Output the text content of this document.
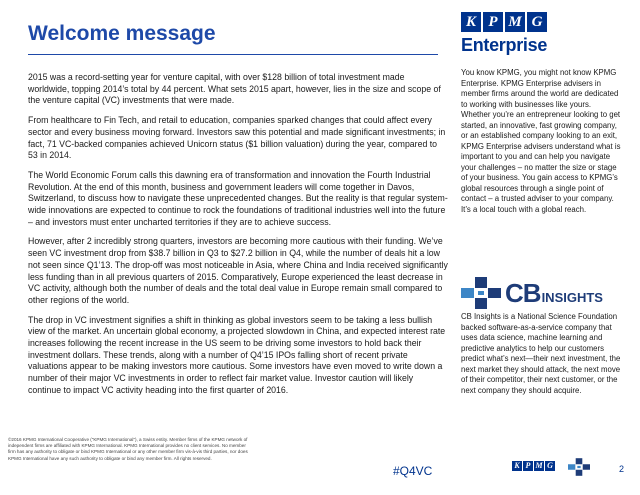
Welcome message

2015 was a record-setting year for venture capital, with over $128 billion of total investment made worldwide, topping 2014’s total by 44 percent. What sets 2015 apart, however, lies in the size and scope of the venture capital (VC) investments that were made.

From healthcare to Fin Tech, and retail to education, companies sparked changes that could affect every sector and every business moving forward. Investors saw this potential and made significant investments; in fact, 71 VC-backed companies achieved Unicorn status ($1 billion valuation) during the year, compared to 53 in 2014.

The World Economic Forum calls this dawning era of transformation and innovation the Fourth Industrial Revolution. At the end of this month, business and government leaders will come together in Davos, Switzerland, to discuss how to navigate these unprecedented changes. But the reality is that regular system-wide innovations are expected to continue to rock the foundations of traditional industries well into the future – and investors must enter uncharted territories if they are to achieve success.

However, after 2 incredibly strong quarters, investors are becoming more cautious with their funding. We’ve seen VC investment drop from $38.7 billion in Q3 to $27.2 billion in Q4, while the number of deals hit a low not seen since Q1’13. The drop-off was most noticeable in Asia, where China and India received significantly less funding than in all previous quarters of 2015. Comparatively, Europe experienced the least decrease in VC activity, although both the number of deals and the total deal value in Europe remain small compared to other regions of the world.

The drop in VC investment signifies a shift in thinking as global investors seem to be taking a less bullish view of the market. An uncertain global economy, a projected slowdown in China, and expected interest rate increases following the recent increase in the US seem to be driving some investors to hold back their investment dollars. These trends, along with a number of Q4’15 IPOs falling short of recent private valuations appear to be making investors more cautious. Some investors have even moved to write down a number of their major VC investments in order to reflect fair market value. Investor caution will likely continue to impact VC activity heading into the first quarter of 2016.

K P M G
Enterprise
You know KPMG, you might not know KPMG Enterprise. KPMG Enterprise advisers in member firms around the world are dedicated to working with businesses like yours. Whether you’re an entrepreneur looking to get started, an innovative, fast growing company, or an established company looking to an exit, KPMG Enterprise advisers understand what is important to you and can help you navigate your challenges – no matter the size or stage of your business. You gain access to KPMG’s global resources through a single point of contact – a trusted adviser to your company. It’s a local touch with a global reach.
CB INSIGHTS
CB Insights is a National Science Foundation backed software-as-a-service company that uses data science, machine learning and predictive analytics to help our customers predict what’s next—their next investment, the next market they should attack, the next move of their competitor, their next customer, or the next company they should acquire.
©2016 KPMG International Cooperative (“KPMG International”), a Swiss entity. Member firms of the KPMG network of independent firms are affiliated with KPMG International. KPMG International provides no client services. No member firm has any authority to obligate or bind KPMG International or any other member firm vis-à-vis third parties, nor does KPMG International have any such authority to obligate or bind any member firm. All rights reserved.
#Q4VC	K P M G	2
